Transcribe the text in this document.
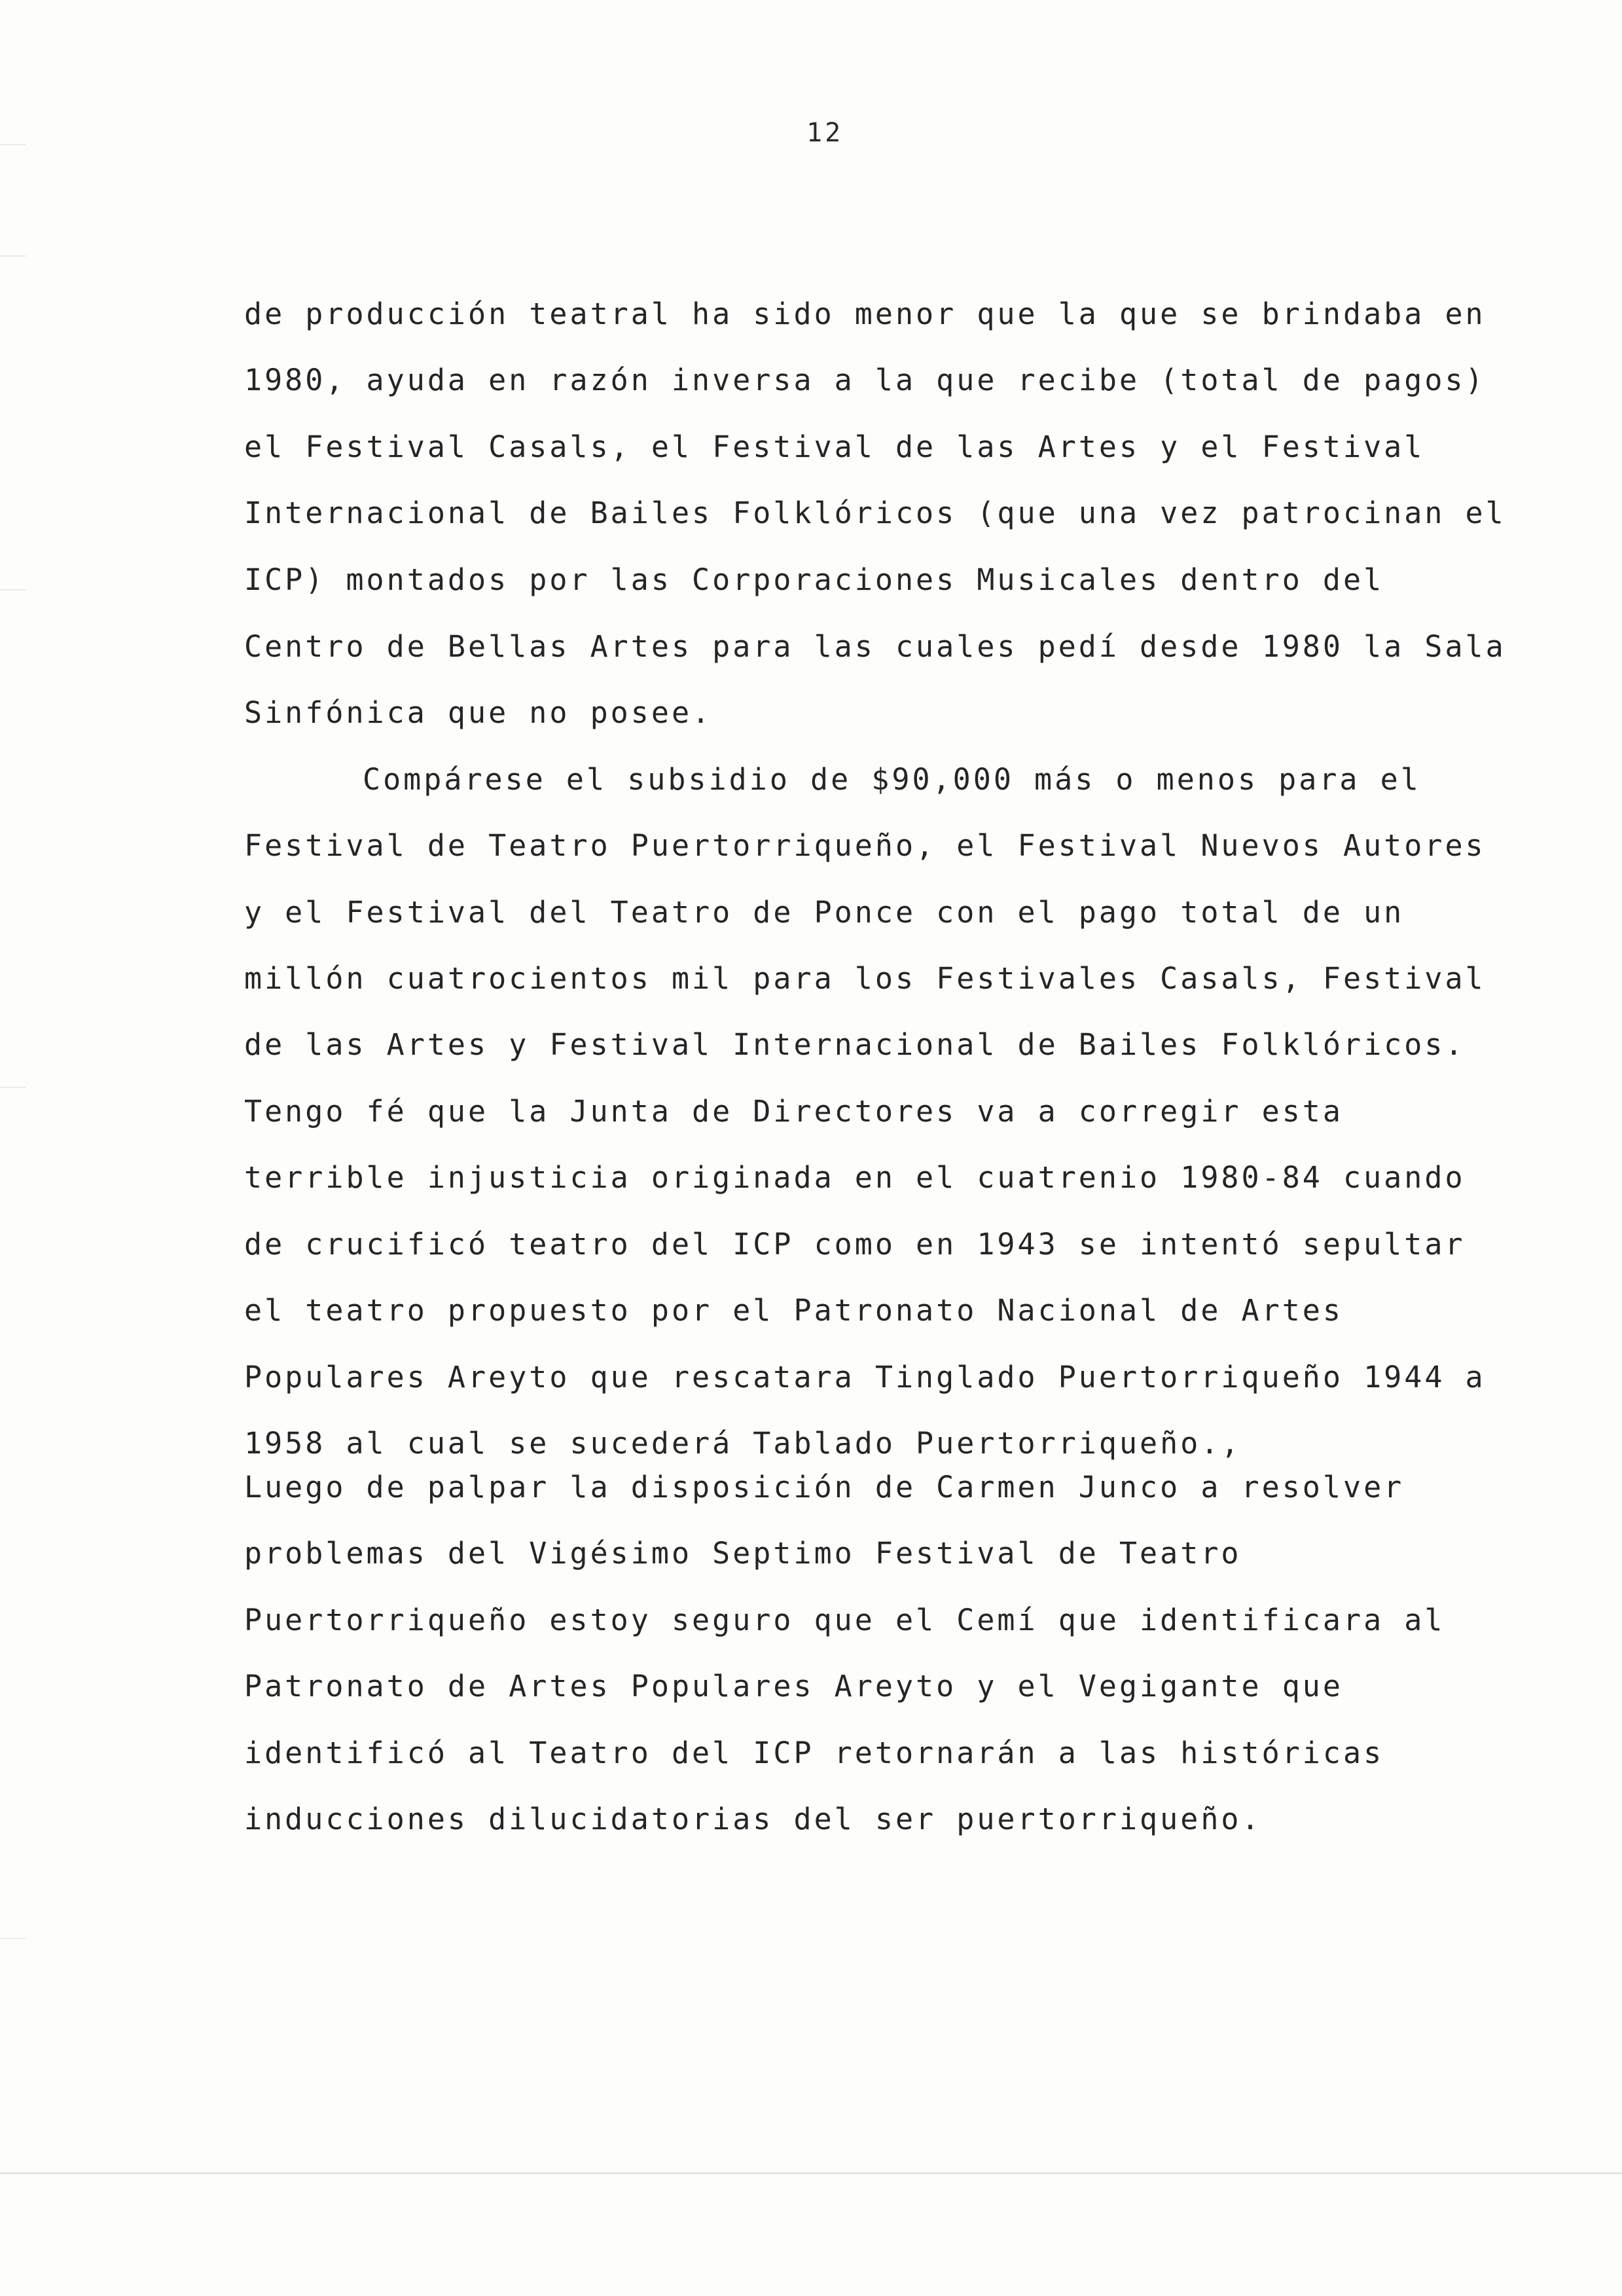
12
de producción teatral ha sido menor que la que se brindaba en
1980, ayuda en razón inversa a la que recibe (total de pagos)
el Festival Casals, el Festival de las Artes y el Festival
Internacional de Bailes Folklóricos (que una vez patrocinan el
ICP) montados por las Corporaciones Musicales dentro del
Centro de Bellas Artes para las cuales pedí desde 1980 la Sala
Sinfónica que no posee.
Compárese el subsidio de $90,000 más o menos para el
Festival de Teatro Puertorriqueño, el Festival Nuevos Autores
y el Festival del Teatro de Ponce con el pago total de un
millón cuatrocientos mil para los Festivales Casals, Festival
de las Artes y Festival Internacional de Bailes Folklóricos.
Tengo fé que la Junta de Directores va a corregir esta
terrible injusticia originada en el cuatrenio 1980-84 cuando
de crucificó teatro del ICP como en 1943 se intentó sepultar
el teatro propuesto por el Patronato Nacional de Artes
Populares Areyto que rescatara Tinglado Puertorriqueño 1944 a
1958 al cual se sucederá Tablado Puertorriqueño.,
Luego de palpar la disposición de Carmen Junco a resolver
problemas del Vigésimo Septimo Festival de Teatro
Puertorriqueño estoy seguro que el Cemí que identificara al
Patronato de Artes Populares Areyto y el Vegigante que
identificó al Teatro del ICP retornarán a las históricas
inducciones dilucidatorias del ser puertorriqueño.
